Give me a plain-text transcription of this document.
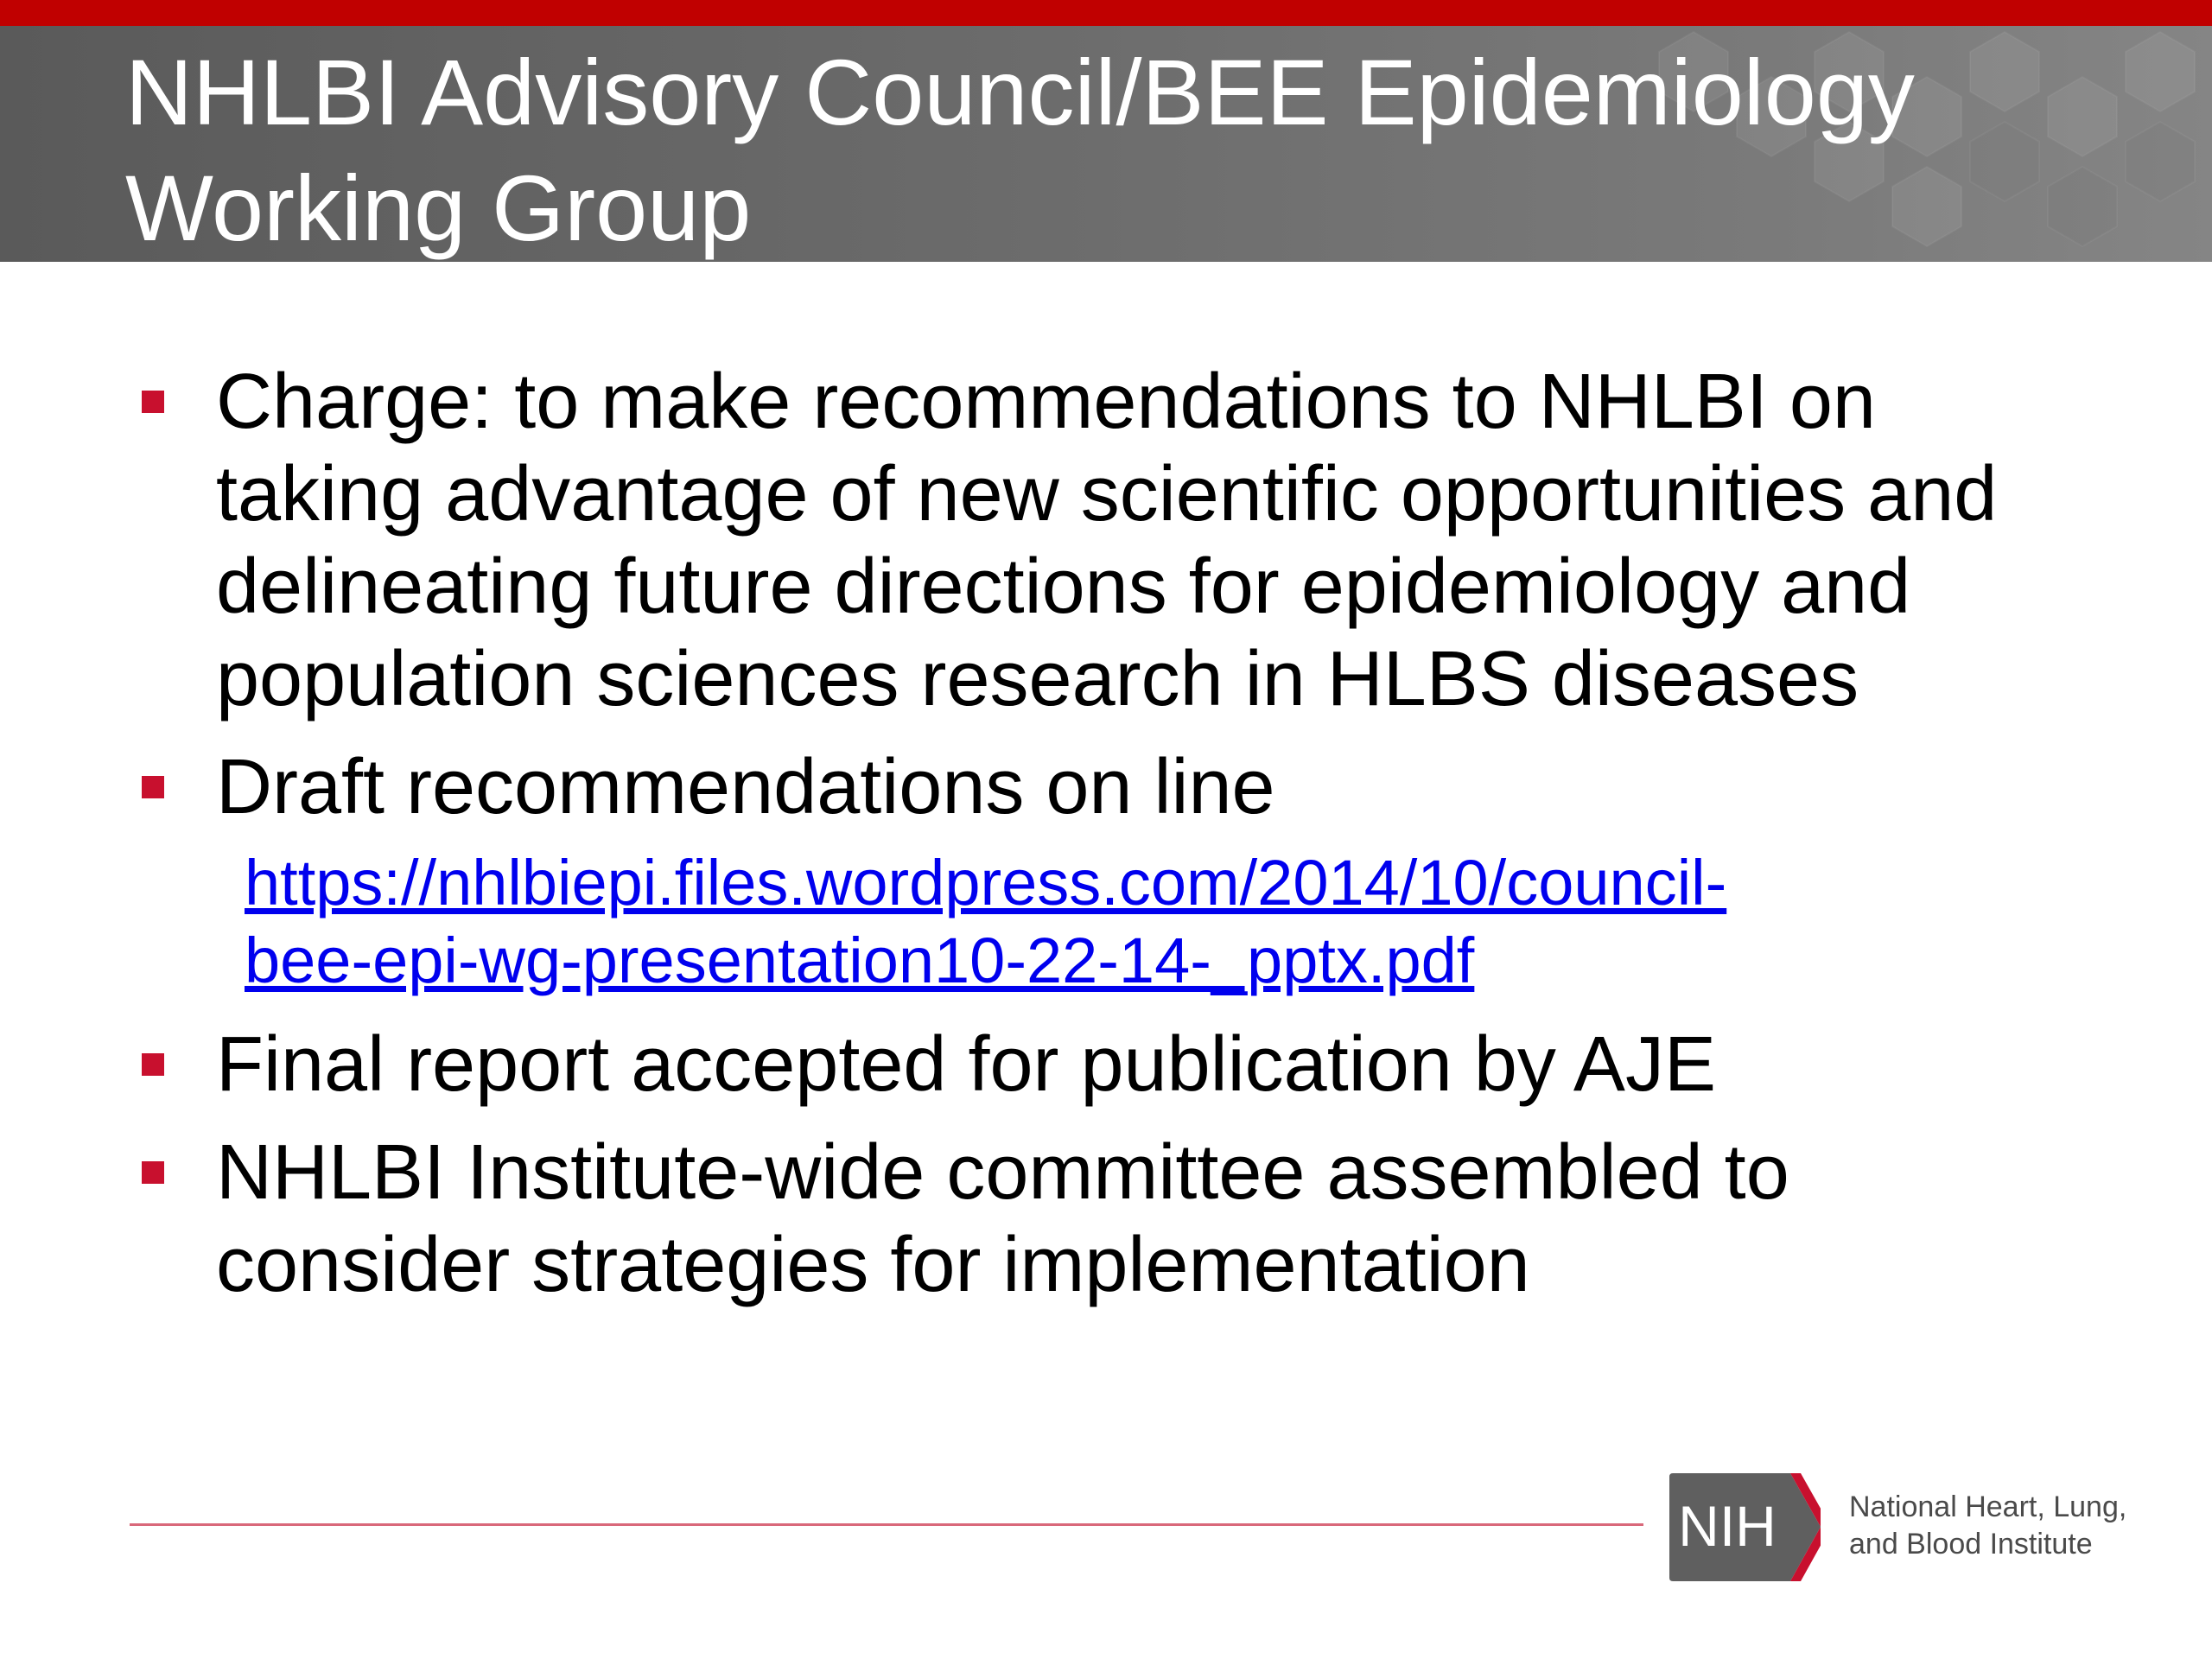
NHLBI Advisory Council/BEE Epidemiology Working Group
Charge: to make recommendations to NHLBI on taking advantage of new scientific opportunities and delineating future directions for epidemiology and population sciences research in HLBS diseases
Draft recommendations on line
https://nhlbiepi.files.wordpress.com/2014/10/council-
bee-epi-wg-presentation10-22-14-_pptx.pdf
Final report accepted for publication by AJE
NHLBI Institute-wide committee assembled to consider strategies for implementation
NIH National Heart, Lung,
and Blood Institute
